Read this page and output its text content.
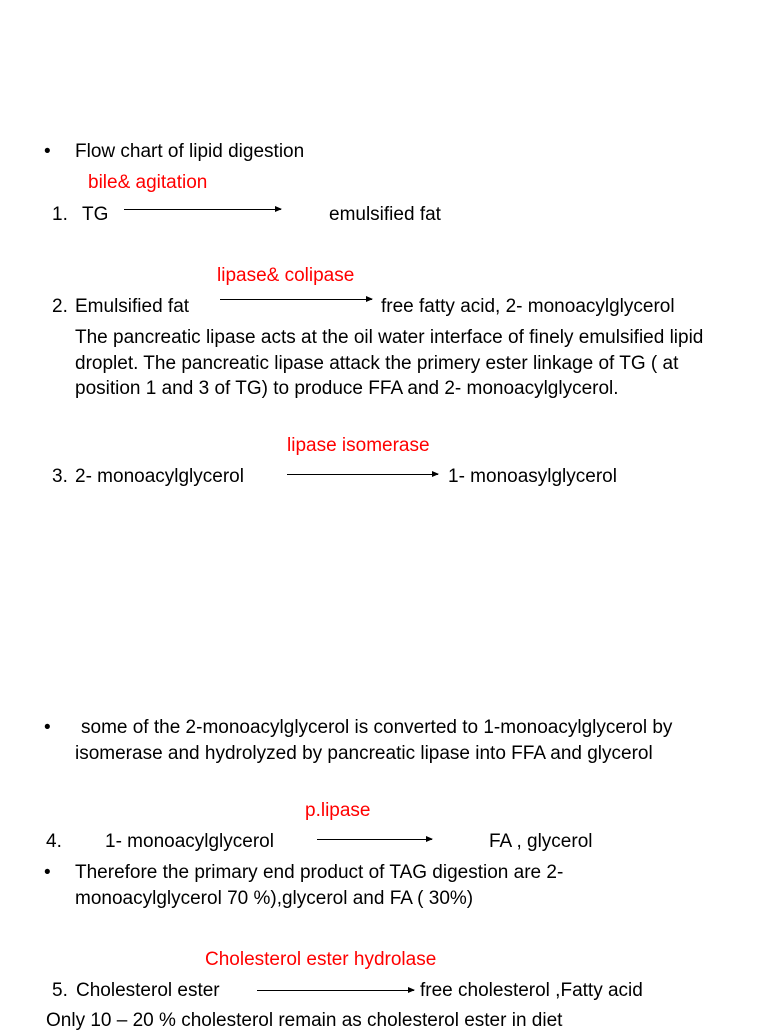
• Flow chart of lipid digestion
bile& agitation
1. TG	emulsified fat
lipase& colipase
2. Emulsified fat	free fatty acid, 2- monoacylglycerol
The pancreatic lipase acts at the oil water interface of finely emulsified lipid droplet. The pancreatic lipase attack the primery ester linkage of TG ( at position 1 and 3 of TG) to produce FFA and 2- monoacylglycerol.
lipase isomerase
3. 2- monoacylglycerol	1- monoasylglycerol
•	some of the 2-monoacylglycerol is converted to 1-monoacylglycerol by isomerase and hydrolyzed by pancreatic lipase into FFA and glycerol
p.lipase
4. 1- monoacylglycerol	FA , glycerol
• Therefore the primary end product of TAG digestion are 2-monoacylglycerol 70 %),glycerol and FA ( 30%)
Cholesterol ester hydrolase
5. Cholesterol ester	free cholesterol ,Fatty acid
Only 10 – 20 % cholesterol remain as cholesterol ester in diet
